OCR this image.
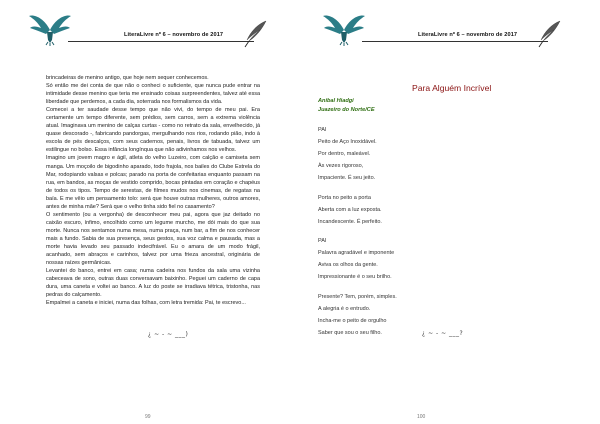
LiteraLivre nº 6 – novembro de 2017

brincadeiras de menino antigo, que hoje nem sequer conhecemos.

Só então me dei conta de que não o conheci o suficiente, que nunca pude entrar na intimidade desse menino que teria me ensinado coisas surpreendentes, talvez até essa liberdade que perdemos, a cada dia, soterrada nos formalismos da vida.

Comecei a ter saudade desse tempo que não vivi, do tempo de meu pai. Era certamente um tempo diferente, sem prédios, sem carros, sem a extrema violência atual. Imaginava um menino de calças curtas - como no retrato da sala, envelhecido, já quase descorado -, fabricando pandorgas, mergulhando nos rios, rodando pião, indo à escola de pés descalços, com seus cadernos, penais, livros de tabuada, talvez um estilingue no bolso. Essa infância longínqua que não adivinhamos nos velhos.

Imagino um jovem magro e ágil, atleta do velho Luzeiro, com calção e camiseta sem manga. Um moçoilo de bigodinho aparado, todo frajola, nos bailes do Clube Estrela do Mar, rodopiando valsas e polcas; parado na porta de confeitarias enquanto passam na rua, em bandos, as moças de vestido comprido, bocas pintadas em coração e chapéus de todos os tipos. Tempo de serestas, de filmes mudos nos cinemas, de regatas na baía. E me vêio um pensamento tolo: será que houve outras mulheres, outros amores, antes de minha mãe? Será que o velho tinha sido fiel no casamento?

O sentimento (ou a vergonha) de desconhecer meu pai, agora que jaz deitado no caixão escuro, ínfimo, encolhido como um legume murcho, me dói mais do que sua morte. Nunca nos sentamos numa mesa, numa praça, num bar, a fim de nos conhecer mais a fundo. Sabia de sua presença, seus gestos, sua voz calma e pausada, mas a morte havia levado seu passado indecifrável. Eu o amara de um modo frágil, acanhado, sem abraços e carinhos, talvez por uma frieza ancestral, originária de nossas raízes germânicas.

Levantei do banco, entrei em casa; numa cadeira nos fundos da sala uma vizinha cabeceava de sono, outras duas conversavam baixinho. Peguei um caderno de capa dura, uma caneta e voltei ao banco. A luz do poste se irradiava tétrica, tristonha, nas pedras do calçamento.

Empalmei a caneta e iniciei, numa das folhas, com letra tremida: Pai, te escrevo...

¿ ~ - ~ ___)
99
LiteraLivre nº 6 – novembro de 2017
Para Alguém Incrível
Anibal Hiadgi
Juazeiro do Norte/CE
PAI
Peito de Aço Inoxidável.
Por dentro, maleável.
Às vezes rigoroso,
Impaciente. É seu jeito.
Porta no peito a porta
Aberta com a luz exposta.
Incandescente. É perfeito.
PAI
Palavra agradável e imponente
Aviva os olhos da gente.
Impressionante é o seu brilho.
Presente? Tem, porém, simples.
A alegria é o entrudo.
Incha-me o peito de orgulho
Saber que sou o seu filho.	¿ ~ - ~ ___?
100
